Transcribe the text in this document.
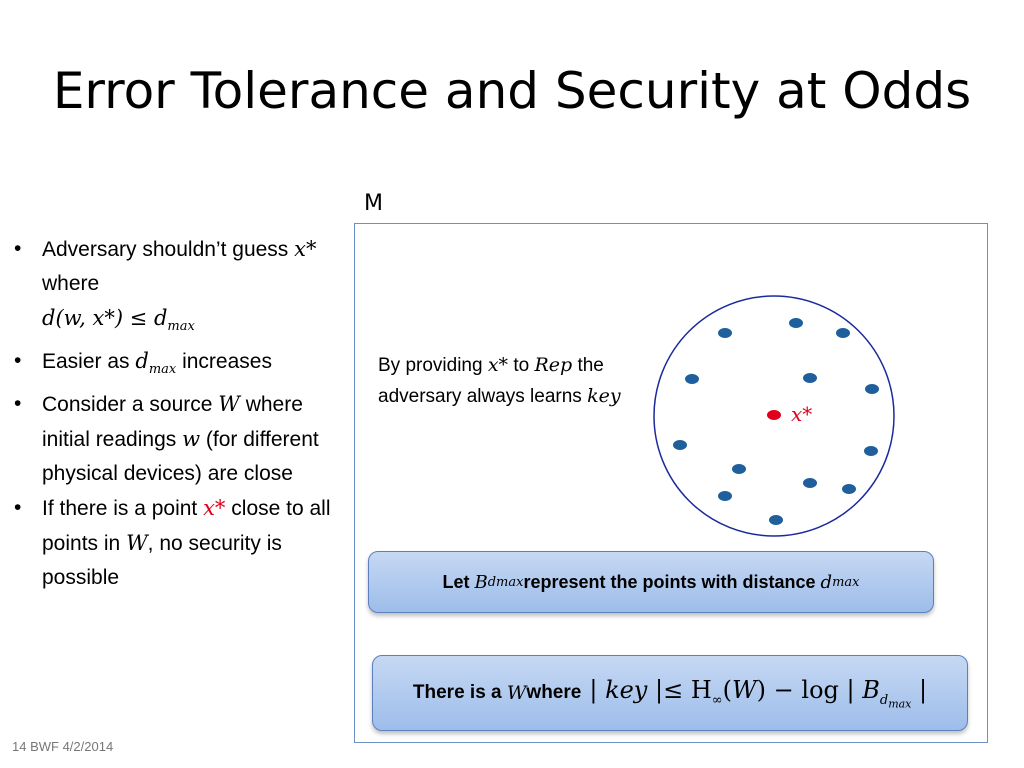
Error Tolerance and Security at Odds
• Adversary shouldn’t guess x* where
d(w, $x*) \le d_{max}$
• Easier as $d_{max}$ increases
• Consider a source W where initial readings w (for different physical devices) are close
• If there is a point x* close to all points in W, no security is possible
M
By providing x* to Rep the adversary always learns key
x*
Let
B dmax represent the points with distance
d max
There is a
W where | key |≤ $H_\infty(W) - \log$ | $B_{d_{max}}$ |
14 BWF 4/2/2014
